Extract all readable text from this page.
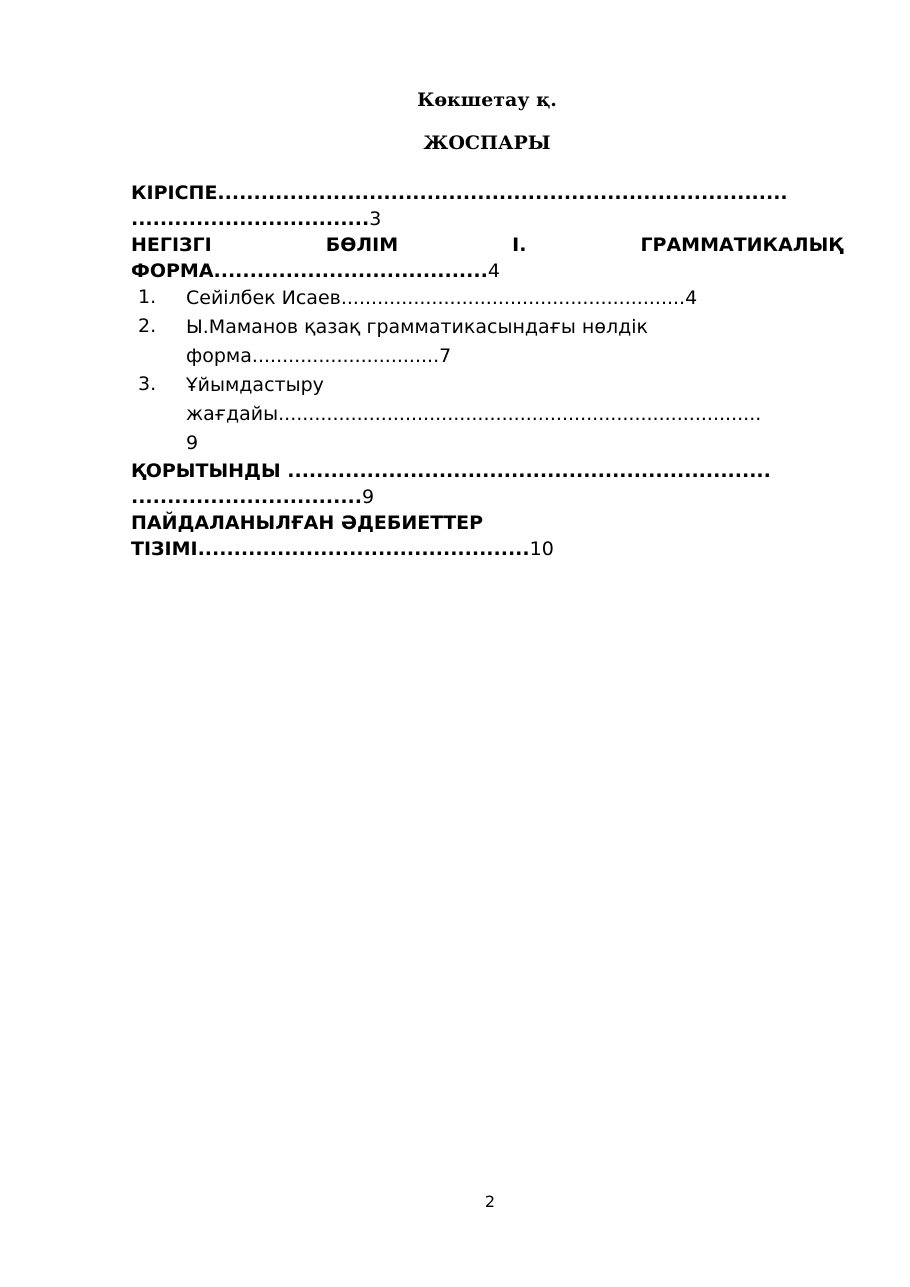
Көкшетау қ.
ЖОСПАРЫ
КІРІСПЕ...............................................................................
.................................3
НЕГІЗГІ	БӨЛІМ	І.	ГРАММАТИКАЛЫҚ
ФОРМА......................................4
1. Сейілбек Исаев.........................................................4
2. Ы.Маманов қазақ грамматикасындағы нөлдік
форма...............................7
3. Ұйымдастыру
жағдайы................................................................................
9
ҚОРЫТЫНДЫ ...................................................................
................................9
ПАЙДАЛАНЫЛҒАН ӘДЕБИЕТТЕР
ТІЗІМІ..............................................10
2
